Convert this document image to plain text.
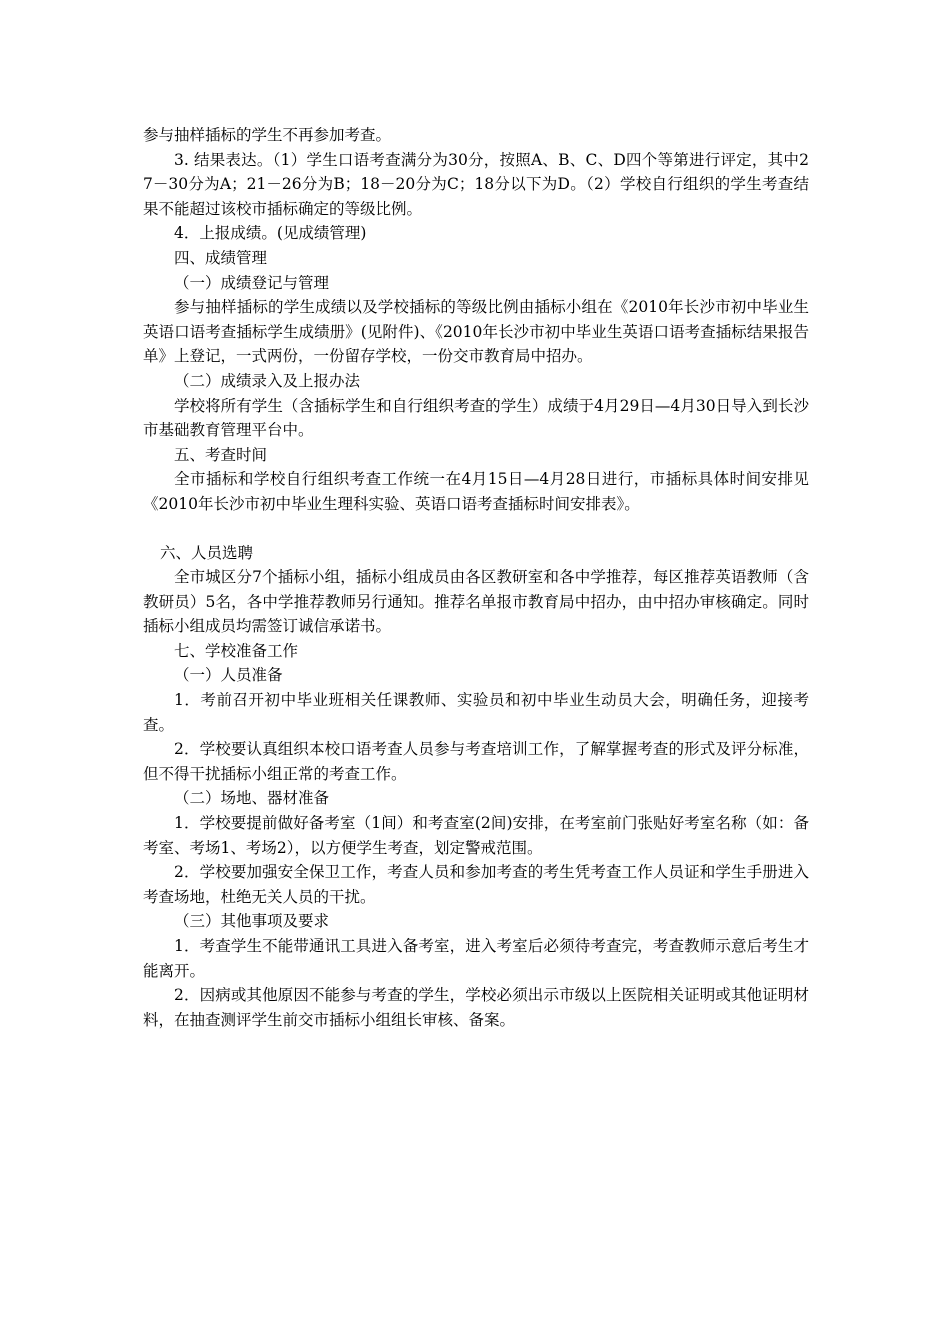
参与抽样插标的学生不再参加考查。

3. 结果表达。（1）学生口语考查满分为30分，按照A、B、C、D四个等第进行评定，其中27－30分为A；21－26分为B；18－20分为C；18分以下为D。（2）学校自行组织的学生考查结果不能超过该校市插标确定的等级比例。

4．上报成绩。(见成绩管理)

四、成绩管理

（一）成绩登记与管理

参与抽样插标的学生成绩以及学校插标的等级比例由插标小组在《2010年长沙市初中毕业生英语口语考查插标学生成绩册》(见附件)、《2010年长沙市初中毕业生英语口语考查插标结果报告单》上登记，一式两份，一份留存学校，一份交市教育局中招办。

（二）成绩录入及上报办法

学校将所有学生（含插标学生和自行组织考查的学生）成绩于4月29日—4月30日导入到长沙市基础教育管理平台中。

五、考查时间

全市插标和学校自行组织考查工作统一在4月15日—4月28日进行，市插标具体时间安排见《2010年长沙市初中毕业生理科实验、英语口语考查插标时间安排表》。

六、人员选聘

全市城区分7个插标小组，插标小组成员由各区教研室和各中学推荐，每区推荐英语教师（含教研员）5名，各中学推荐教师另行通知。推荐名单报市教育局中招办，由中招办审核确定。同时插标小组成员均需签订诚信承诺书。

七、学校准备工作

（一）人员准备

1．考前召开初中毕业班相关任课教师、实验员和初中毕业生动员大会，明确任务，迎接考查。

2．学校要认真组织本校口语考查人员参与考查培训工作，了解掌握考查的形式及评分标准，但不得干扰插标小组正常的考查工作。

（二）场地、器材准备

1．学校要提前做好备考室（1间）和考查室(2间)安排，在考室前门张贴好考室名称（如：备考室、考场1、考场2），以方便学生考查，划定警戒范围。

2．学校要加强安全保卫工作，考查人员和参加考查的考生凭考查工作人员证和学生手册进入考查场地，杜绝无关人员的干扰。

（三）其他事项及要求

1．考查学生不能带通讯工具进入备考室，进入考室后必须待考查完，考查教师示意后考生才能离开。

2．因病或其他原因不能参与考查的学生，学校必须出示市级以上医院相关证明或其他证明材料，在抽查测评学生前交市插标小组组长审核、备案。
